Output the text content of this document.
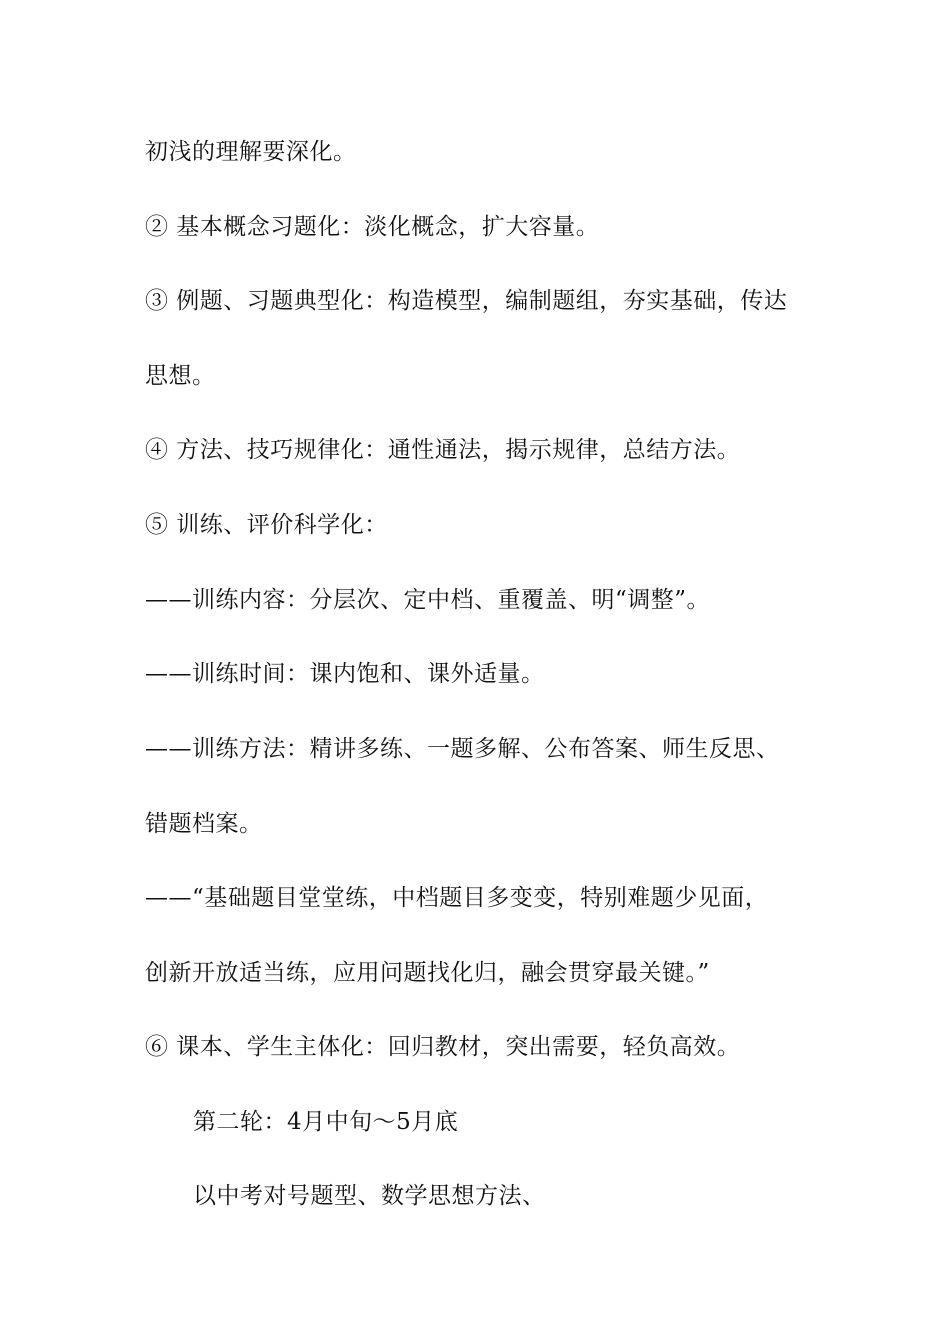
初浅的理解要深化。
② 基本概念习题化：淡化概念，扩大容量。
③ 例题、习题典型化：构造模型，编制题组，夯实基础，传达
思想。
④ 方法、技巧规律化：通性通法，揭示规律，总结方法。
⑤ 训练、评价科学化：
——训练内容：分层次、定中档、重覆盖、明“调整”。
——训练时间：课内饱和、课外适量。
——训练方法：精讲多练、一题多解、公布答案、师生反思、
错题档案。
——“基础题目堂堂练，中档题目多变变，特别难题少见面，
创新开放适当练，应用问题找化归，融会贯穿最关键。”
⑥ 课本、学生主体化：回归教材，突出需要，轻负高效。
第二轮：4月中旬～5月底
以中考对号题型、数学思想方法、
